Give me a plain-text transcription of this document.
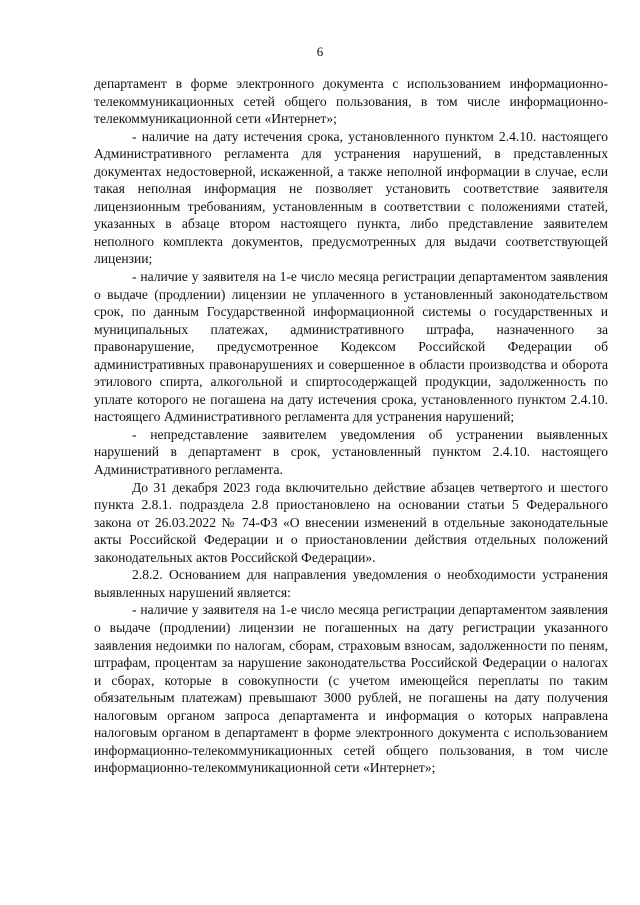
6

департамент в форме электронного документа с использованием информационно-телекоммуникационных сетей общего пользования, в том числе информационно-телекоммуникационной сети «Интернет»;

- наличие на дату истечения срока, установленного пунктом 2.4.10. настоящего Административного регламента для устранения нарушений, в представленных документах недостоверной, искаженной, а также неполной информации в случае, если такая неполная информация не позволяет установить соответствие заявителя лицензионным требованиям, установленным в соответствии с положениями статей, указанных в абзаце втором настоящего пункта, либо представление заявителем неполного комплекта документов, предусмотренных для выдачи соответствующей лицензии;

- наличие у заявителя на 1-е число месяца регистрации департаментом заявления о выдаче (продлении) лицензии не уплаченного в установленный законодательством срок, по данным Государственной информационной системы о государственных и муниципальных платежах, административного штрафа, назначенного за правонарушение, предусмотренное Кодексом Российской Федерации об административных правонарушениях и совершенное в области производства и оборота этилового спирта, алкогольной и спиртосодержащей продукции, задолженность по уплате которого не погашена на дату истечения срока, установленного пунктом 2.4.10. настоящего Административного регламента для устранения нарушений;

- непредставление заявителем уведомления об устранении выявленных нарушений в департамент в срок, установленный пунктом 2.4.10. настоящего Административного регламента.

До 31 декабря 2023 года включительно действие абзацев четвертого и шестого пункта 2.8.1. подраздела 2.8 приостановлено на основании статьи 5 Федерального закона от 26.03.2022 № 74-ФЗ «О внесении изменений в отдельные законодательные акты Российской Федерации и о приостановлении действия отдельных положений законодательных актов Российской Федерации».

2.8.2. Основанием для направления уведомления о необходимости устранения выявленных нарушений является:

- наличие у заявителя на 1-е число месяца регистрации департаментом заявления о выдаче (продлении) лицензии не погашенных на дату регистрации указанного заявления недоимки по налогам, сборам, страховым взносам, задолженности по пеням, штрафам, процентам за нарушение законодательства Российской Федерации о налогах и сборах, которые в совокупности (с учетом имеющейся переплаты по таким обязательным платежам) превышают 3000 рублей, не погашены на дату получения налоговым органом запроса департамента и информация о которых направлена налоговым органом в департамент в форме электронного документа с использованием информационно-телекоммуникационных сетей общего пользования, в том числе информационно-телекоммуникационной сети «Интернет»;
